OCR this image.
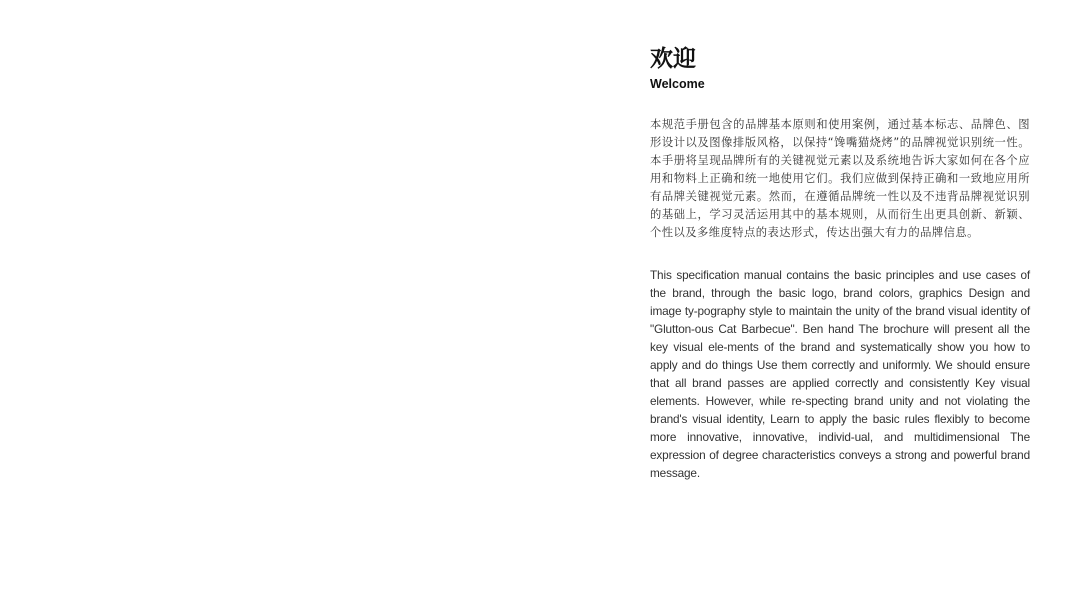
欢迎
Welcome

本规范手册包含的品牌基本原则和使用案例，通过基本标志、品牌色、图形设计以及图像排版风格，以保持“馋嘴猫烧烤”的品牌视觉识别统一性。本手册将呈现品牌所有的关键视觉元素以及系统地告诉大家如何在各个应用和物料上正确和统一地使用它们。我们应做到保持正确和一致地应用所有品牌关键视觉元素。然而，在遵循品牌统一性以及不违背品牌视觉识别的基础上，学习灵活运用其中的基本规则，从而衍生出更具创新、新颖、个性以及多维度特点的表达形式，传达出强大有力的品牌信息。

This specification manual contains the basic principles and use cases of the brand, through the basic logo, brand colors, graphics Design and image ty-pography style to maintain the unity of the brand visual identity of "Glutton-ous Cat Barbecue". Ben hand The brochure will present all the key visual ele-ments of the brand and systematically show you how to apply and do things Use them correctly and uniformly. We should ensure that all brand passes are applied correctly and consistently Key visual elements. However, while re-specting brand unity and not violating the brand's visual identity, Learn to apply the basic rules flexibly to become more innovative, innovative, individ-ual, and multidimensional The expression of degree characteristics conveys a strong and powerful brand message.
